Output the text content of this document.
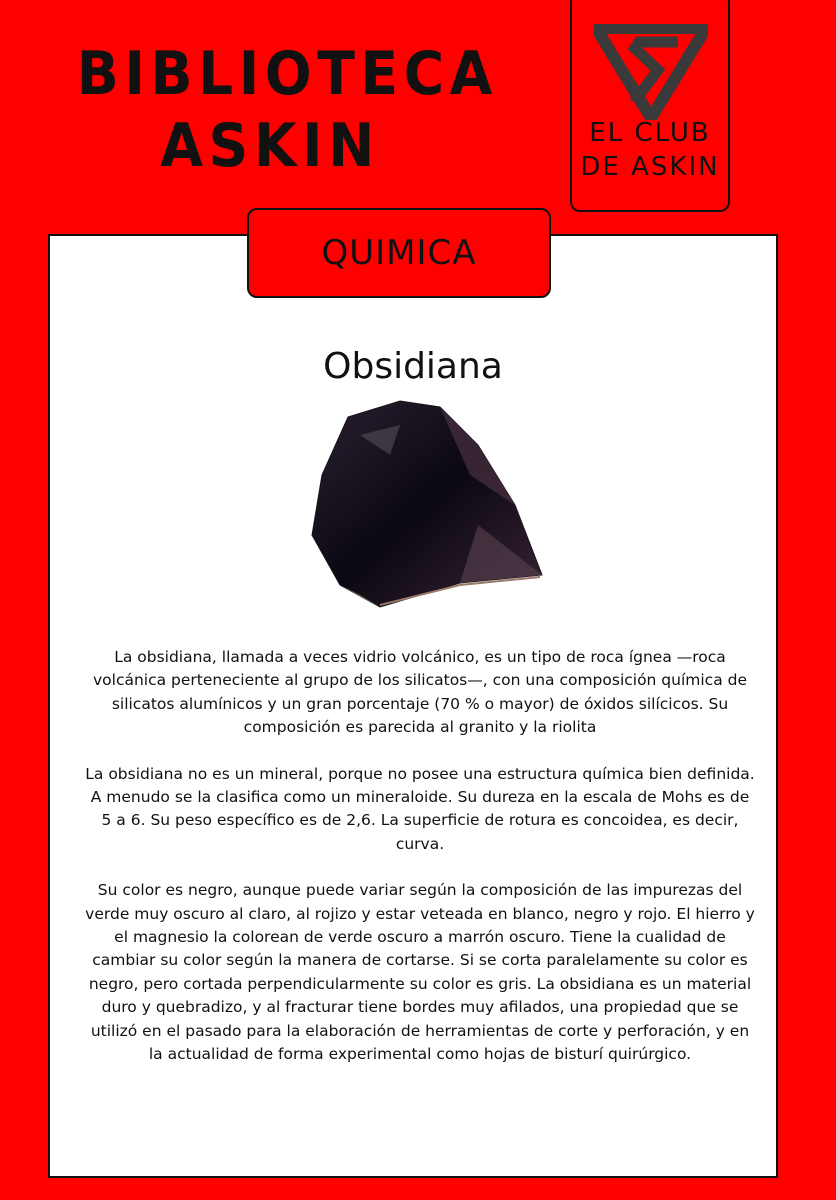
BIBLIOTECA
ASKIN	EL CLUB
DE ASKIN
QUIMICA
Obsidiana

La obsidiana, llamada a veces vidrio volcánico, es un tipo de roca ígnea —roca volcánica perteneciente al grupo de los silicatos—, con una composición química de silicatos alumínicos y un gran porcentaje (70 % o mayor) de óxidos silícicos. Su composición es parecida al granito y la riolita

La obsidiana no es un mineral, porque no posee una estructura química bien definida. A menudo se la clasifica como un mineraloide. Su dureza en la escala de Mohs es de 5 a 6. Su peso específico es de 2,6. La superficie de rotura es concoidea, es decir, curva.

Su color es negro, aunque puede variar según la composición de las impurezas del verde muy oscuro al claro, al rojizo y estar veteada en blanco, negro y rojo. El hierro y el magnesio la colorean de verde oscuro a marrón oscuro. Tiene la cualidad de cambiar su color según la manera de cortarse. Si se corta paralelamente su color es negro, pero cortada perpendicularmente su color es gris. La obsidiana es un material duro y quebradizo, y al fracturar tiene bordes muy afilados, una propiedad que se utilizó en el pasado para la elaboración de herramientas de corte y perforación, y en la actualidad de forma experimental como hojas de bisturí quirúrgico.
